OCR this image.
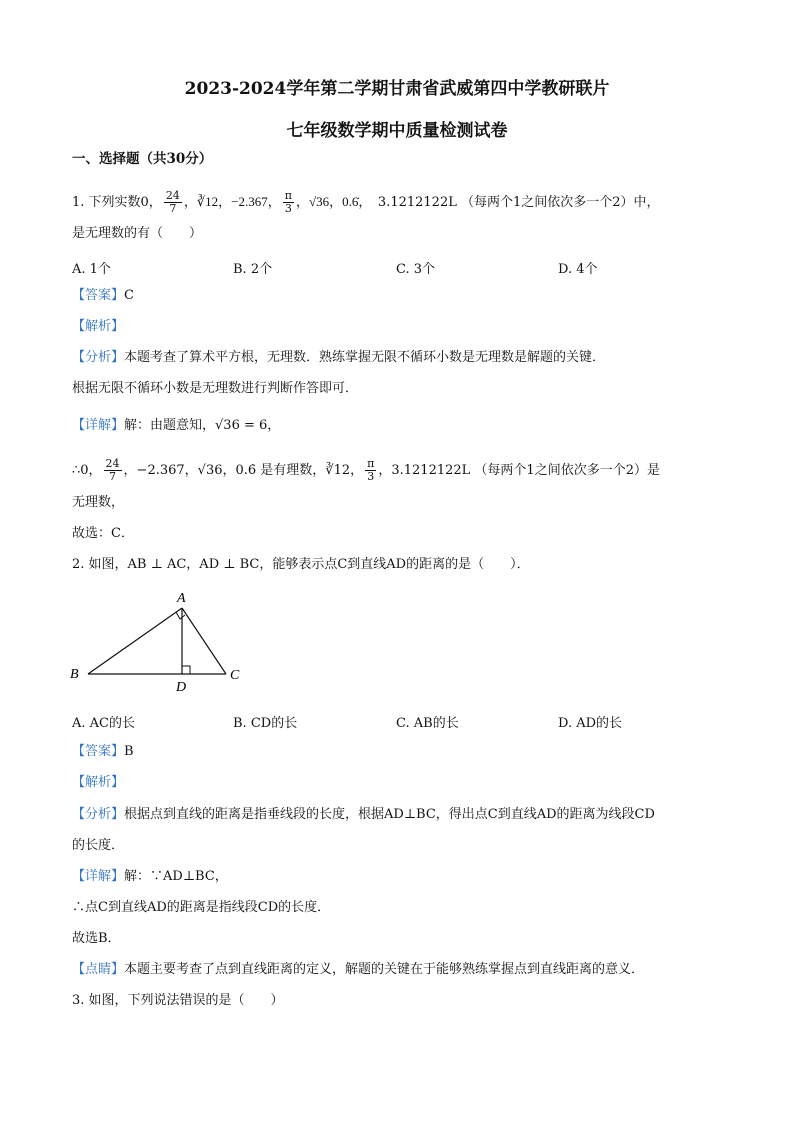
2023-2024学年第二学期甘肃省武威第四中学教研联片
七年级数学期中质量检测试卷
一、选择题（共30分）
1. 下列实数0， $\frac{24}{7}$ ，∛12，−2.367， $\frac{\pi}{3}$ ，√36，0.6̇，　3.1212122L （每两个1之间依次多一个2）中，
是无理数的有（　　）
A. 1个	B. 2个	C. 3个	D. 4个
【答案】C
【解析】
【分析】本题考查了算术平方根，无理数．熟练掌握无限不循环小数是无理数是解题的关键．
根据无限不循环小数是无理数进行判断作答即可．
【详解】解：由题意知，√36 = 6，
∴0， $\frac{24}{7}$ ，−2.367，√36，0.6̇ 是有理数，∛12， $\frac{\pi}{3}$ ，3.1212122L （每两个1之间依次多一个2）是
无理数，
故选：C．
2. 如图，AB ⊥ AC，AD ⊥ BC，能够表示点C到直线AD的距离的是（　　）．
A
B	C
D
A. AC的长	B. CD的长	C. AB的长	D. AD的长
【答案】B
【解析】
【分析】根据点到直线的距离是指垂线段的长度，根据AD⊥BC，得出点C到直线AD的距离为线段CD
的长度．
【详解】解：∵AD⊥BC，
∴点C到直线AD的距离是指线段CD的长度．
故选B．
【点睛】本题主要考查了点到直线距离的定义，解题的关键在于能够熟练掌握点到直线距离的意义．
3. 如图，下列说法错误的是（　　）
